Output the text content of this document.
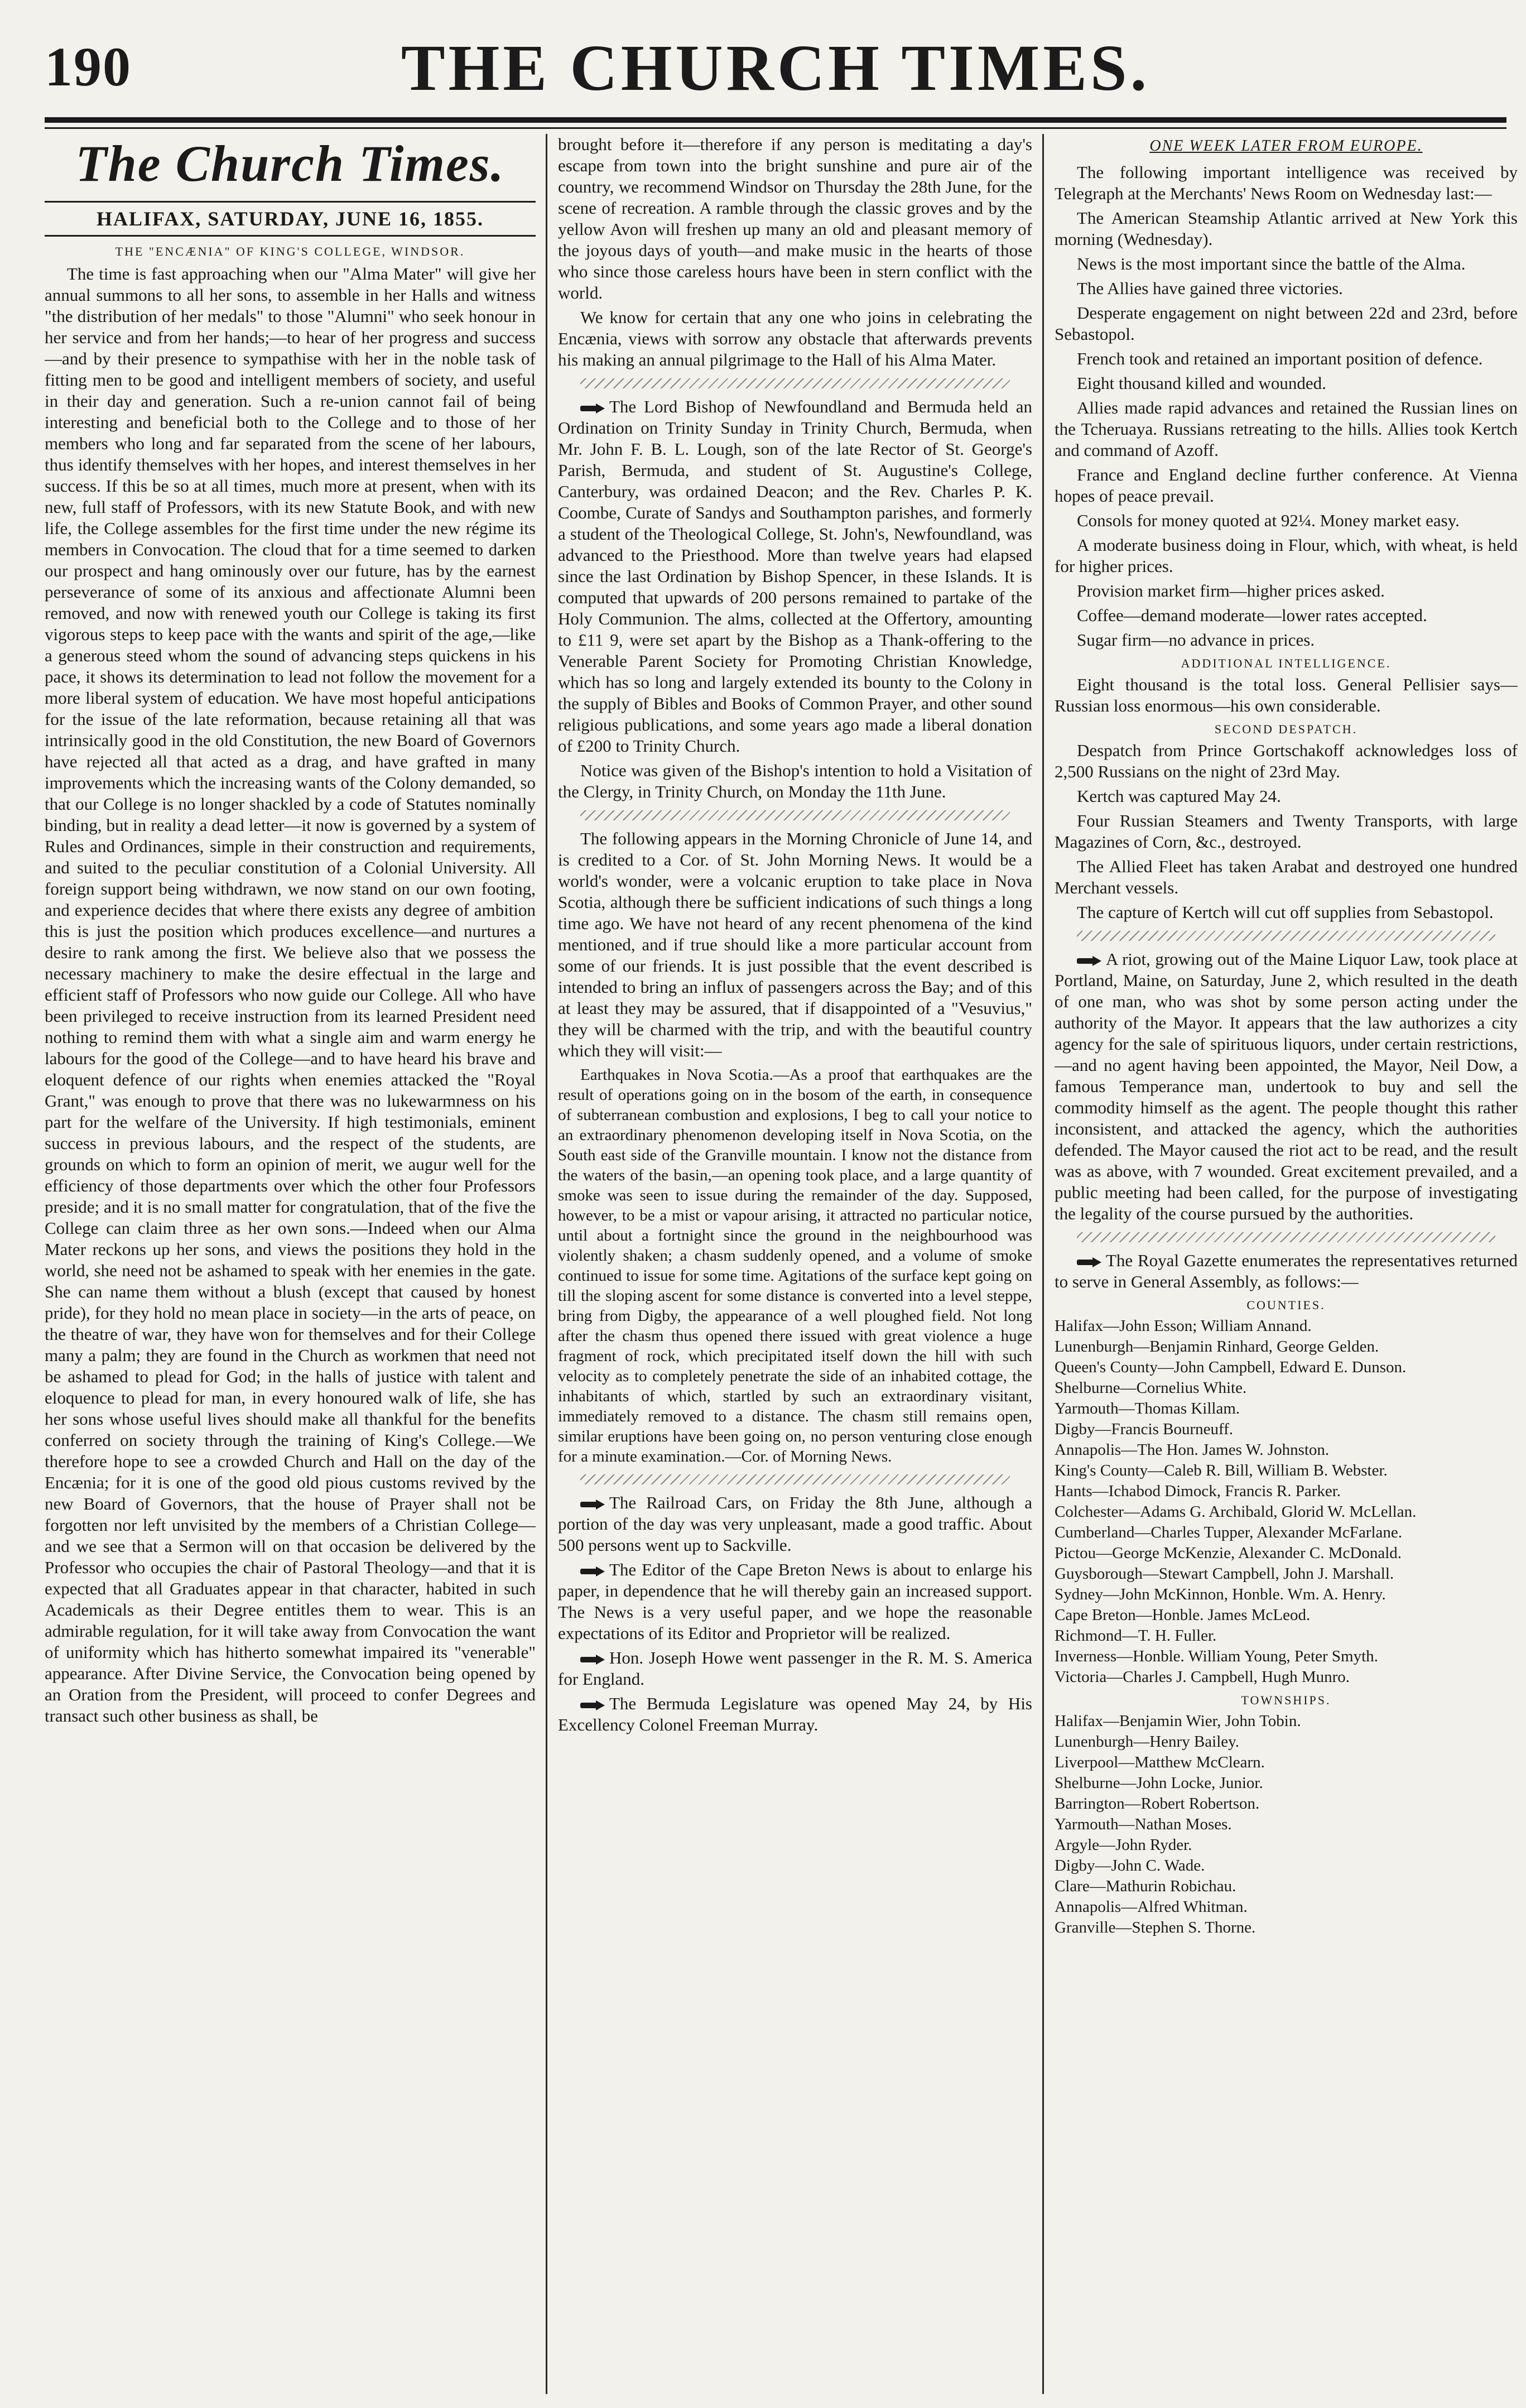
190	THE CHURCH TIMES.
The Church Times.
HALIFAX, SATURDAY, JUNE 16, 1855.
THE "ENCÆNIA" OF KING'S COLLEGE, WINDSOR.

The time is fast approaching when our "Alma Mater" will give her annual summons to all her sons, to assemble in her Halls and witness "the distribution of her medals" to those "Alumni" who seek honour in her service and from her hands;—to hear of her progress and success—and by their presence to sympathise with her in the noble task of fitting men to be good and intelligent members of society, and useful in their day and generation. Such a re-union cannot fail of being interesting and beneficial both to the College and to those of her members who long and far separated from the scene of her labours, thus identify themselves with her hopes, and interest themselves in her success. If this be so at all times, much more at present, when with its new, full staff of Professors, with its new Statute Book, and with new life, the College assembles for the first time under the new régime its members in Convocation. The cloud that for a time seemed to darken our prospect and hang ominously over our future, has by the earnest perseverance of some of its anxious and affectionate Alumni been removed, and now with renewed youth our College is taking its first vigorous steps to keep pace with the wants and spirit of the age,—like a generous steed whom the sound of advancing steps quickens in his pace, it shows its determination to lead not follow the movement for a more liberal system of education. We have most hopeful anticipations for the issue of the late reformation, because retaining all that was intrinsically good in the old Constitution, the new Board of Governors have rejected all that acted as a drag, and have grafted in many improvements which the increasing wants of the Colony demanded, so that our College is no longer shackled by a code of Statutes nominally binding, but in reality a dead letter—it now is governed by a system of Rules and Ordinances, simple in their construction and requirements, and suited to the peculiar constitution of a Colonial University. All foreign support being withdrawn, we now stand on our own footing, and experience decides that where there exists any degree of ambition this is just the position which produces excellence—and nurtures a desire to rank among the first. We believe also that we possess the necessary machinery to make the desire effectual in the large and efficient staff of Professors who now guide our College. All who have been privileged to receive instruction from its learned President need nothing to remind them with what a single aim and warm energy he labours for the good of the College—and to have heard his brave and eloquent defence of our rights when enemies attacked the "Royal Grant," was enough to prove that there was no lukewarmness on his part for the welfare of the University. If high testimonials, eminent success in previous labours, and the respect of the students, are grounds on which to form an opinion of merit, we augur well for the efficiency of those departments over which the other four Professors preside; and it is no small matter for congratulation, that of the five the College can claim three as her own sons.—Indeed when our Alma Mater reckons up her sons, and views the positions they hold in the world, she need not be ashamed to speak with her enemies in the gate. She can name them without a blush (except that caused by honest pride), for they hold no mean place in society—in the arts of peace, on the theatre of war, they have won for themselves and for their College many a palm; they are found in the Church as workmen that need not be ashamed to plead for God; in the halls of justice with talent and eloquence to plead for man, in every honoured walk of life, she has her sons whose useful lives should make all thankful for the benefits conferred on society through the training of King's College.—We therefore hope to see a crowded Church and Hall on the day of the Encænia; for it is one of the good old pious customs revived by the new Board of Governors, that the house of Prayer shall not be forgotten nor left unvisited by the members of a Christian College—and we see that a Sermon will on that occasion be delivered by the Professor who occupies the chair of Pastoral Theology—and that it is expected that all Graduates appear in that character, habited in such Academicals as their Degree entitles them to wear. This is an admirable regulation, for it will take away from Convocation the want of uniformity which has hitherto somewhat impaired its "venerable" appearance. After Divine Service, the Convocation being opened by an Oration from the President, will proceed to confer Degrees and transact such other business as shall, be

brought before it—therefore if any person is meditating a day's escape from town into the bright sunshine and pure air of the country, we recommend Windsor on Thursday the 28th June, for the scene of recreation. A ramble through the classic groves and by the yellow Avon will freshen up many an old and pleasant memory of the joyous days of youth—and make music in the hearts of those who since those careless hours have been in stern conflict with the world.

We know for certain that any one who joins in celebrating the Encænia, views with sorrow any obstacle that afterwards prevents his making an annual pilgrimage to the Hall of his Alma Mater.

The Lord Bishop of Newfoundland and Bermuda held an Ordination on Trinity Sunday in Trinity Church, Bermuda, when Mr. John F. B. L. Lough, son of the late Rector of St. George's Parish, Bermuda, and student of St. Augustine's College, Canterbury, was ordained Deacon; and the Rev. Charles P. K. Coombe, Curate of Sandys and Southampton parishes, and formerly a student of the Theological College, St. John's, Newfoundland, was advanced to the Priesthood. More than twelve years had elapsed since the last Ordination by Bishop Spencer, in these Islands. It is computed that upwards of 200 persons remained to partake of the Holy Communion. The alms, collected at the Offertory, amounting to £11 9, were set apart by the Bishop as a Thank-offering to the Venerable Parent Society for Promoting Christian Knowledge, which has so long and largely extended its bounty to the Colony in the supply of Bibles and Books of Common Prayer, and other sound religious publications, and some years ago made a liberal donation of £200 to Trinity Church.

Notice was given of the Bishop's intention to hold a Visitation of the Clergy, in Trinity Church, on Monday the 11th June.

The following appears in the Morning Chronicle of June 14, and is credited to a Cor. of St. John Morning News. It would be a world's wonder, were a volcanic eruption to take place in Nova Scotia, although there be sufficient indications of such things a long time ago. We have not heard of any recent phenomena of the kind mentioned, and if true should like a more particular account from some of our friends. It is just possible that the event described is intended to bring an influx of passengers across the Bay; and of this at least they may be assured, that if disappointed of a "Vesuvius," they will be charmed with the trip, and with the beautiful country which they will visit:—

Earthquakes in Nova Scotia.—As a proof that earthquakes are the result of operations going on in the bosom of the earth, in consequence of subterranean combustion and explosions, I beg to call your notice to an extraordinary phenomenon developing itself in Nova Scotia, on the South east side of the Granville mountain. I know not the distance from the waters of the basin,—an opening took place, and a large quantity of smoke was seen to issue during the remainder of the day. Supposed, however, to be a mist or vapour arising, it attracted no particular notice, until about a fortnight since the ground in the neighbourhood was violently shaken; a chasm suddenly opened, and a volume of smoke continued to issue for some time. Agitations of the surface kept going on till the sloping ascent for some distance is converted into a level steppe, bring from Digby, the appearance of a well ploughed field. Not long after the chasm thus opened there issued with great violence a huge fragment of rock, which precipitated itself down the hill with such velocity as to completely penetrate the side of an inhabited cottage, the inhabitants of which, startled by such an extraordinary visitant, immediately removed to a distance. The chasm still remains open, similar eruptions have been going on, no person venturing close enough for a minute examination.—Cor. of Morning News.

The Railroad Cars, on Friday the 8th June, although a portion of the day was very unpleasant, made a good traffic. About 500 persons went up to Sackville.

The Editor of the Cape Breton News is about to enlarge his paper, in dependence that he will thereby gain an increased support. The News is a very useful paper, and we hope the reasonable expectations of its Editor and Proprietor will be realized.

Hon. Joseph Howe went passenger in the R. M. S. America for England.

The Bermuda Legislature was opened May 24, by His Excellency Colonel Freeman Murray.

ONE WEEK LATER FROM EUROPE.

The following important intelligence was received by Telegraph at the Merchants' News Room on Wednesday last:—

The American Steamship Atlantic arrived at New York this morning (Wednesday).

News is the most important since the battle of the Alma.

The Allies have gained three victories.

Desperate engagement on night between 22d and 23rd, before Sebastopol.

French took and retained an important position of defence.

Eight thousand killed and wounded.

Allies made rapid advances and retained the Russian lines on the Tcheruaya. Russians retreating to the hills. Allies took Kertch and command of Azoff.

France and England decline further conference. At Vienna hopes of peace prevail.

Consols for money quoted at 92¼. Money market easy.

A moderate business doing in Flour, which, with wheat, is held for higher prices.

Provision market firm—higher prices asked.

Coffee—demand moderate—lower rates accepted.

Sugar firm—no advance in prices.

ADDITIONAL INTELLIGENCE.

Eight thousand is the total loss. General Pellisier says—Russian loss enormous—his own considerable.

SECOND DESPATCH.

Despatch from Prince Gortschakoff acknowledges loss of 2,500 Russians on the night of 23rd May.

Kertch was captured May 24.

Four Russian Steamers and Twenty Transports, with large Magazines of Corn, &c., destroyed.

The Allied Fleet has taken Arabat and destroyed one hundred Merchant vessels.

The capture of Kertch will cut off supplies from Sebastopol.

A riot, growing out of the Maine Liquor Law, took place at Portland, Maine, on Saturday, June 2, which resulted in the death of one man, who was shot by some person acting under the authority of the Mayor. It appears that the law authorizes a city agency for the sale of spirituous liquors, under certain restrictions,—and no agent having been appointed, the Mayor, Neil Dow, a famous Temperance man, undertook to buy and sell the commodity himself as the agent. The people thought this rather inconsistent, and attacked the agency, which the authorities defended. The Mayor caused the riot act to be read, and the result was as above, with 7 wounded. Great excitement prevailed, and a public meeting had been called, for the purpose of investigating the legality of the course pursued by the authorities.

The Royal Gazette enumerates the representatives returned to serve in General Assembly, as follows:—

COUNTIES.

Halifax—John Esson; William Annand.

Lunenburgh—Benjamin Rinhard, George Gelden.

Queen's County—John Campbell, Edward E. Dunson.

Shelburne—Cornelius White.

Yarmouth—Thomas Killam.

Digby—Francis Bourneuff.

Annapolis—The Hon. James W. Johnston.

King's County—Caleb R. Bill, William B. Webster.

Hants—Ichabod Dimock, Francis R. Parker.

Colchester—Adams G. Archibald, Glorid W. McLellan.

Cumberland—Charles Tupper, Alexander McFarlane.

Pictou—George McKenzie, Alexander C. McDonald.

Guysborough—Stewart Campbell, John J. Marshall.

Sydney—John McKinnon, Honble. Wm. A. Henry.

Cape Breton—Honble. James McLeod.

Richmond—T. H. Fuller.

Inverness—Honble. William Young, Peter Smyth.

Victoria—Charles J. Campbell, Hugh Munro.

TOWNSHIPS.

Halifax—Benjamin Wier, John Tobin.

Lunenburgh—Henry Bailey.

Liverpool—Matthew McClearn.

Shelburne—John Locke, Junior.

Barrington—Robert Robertson.

Yarmouth—Nathan Moses.

Argyle—John Ryder.

Digby—John C. Wade.

Clare—Mathurin Robichau.

Annapolis—Alfred Whitman.

Granville—Stephen S. Thorne.
